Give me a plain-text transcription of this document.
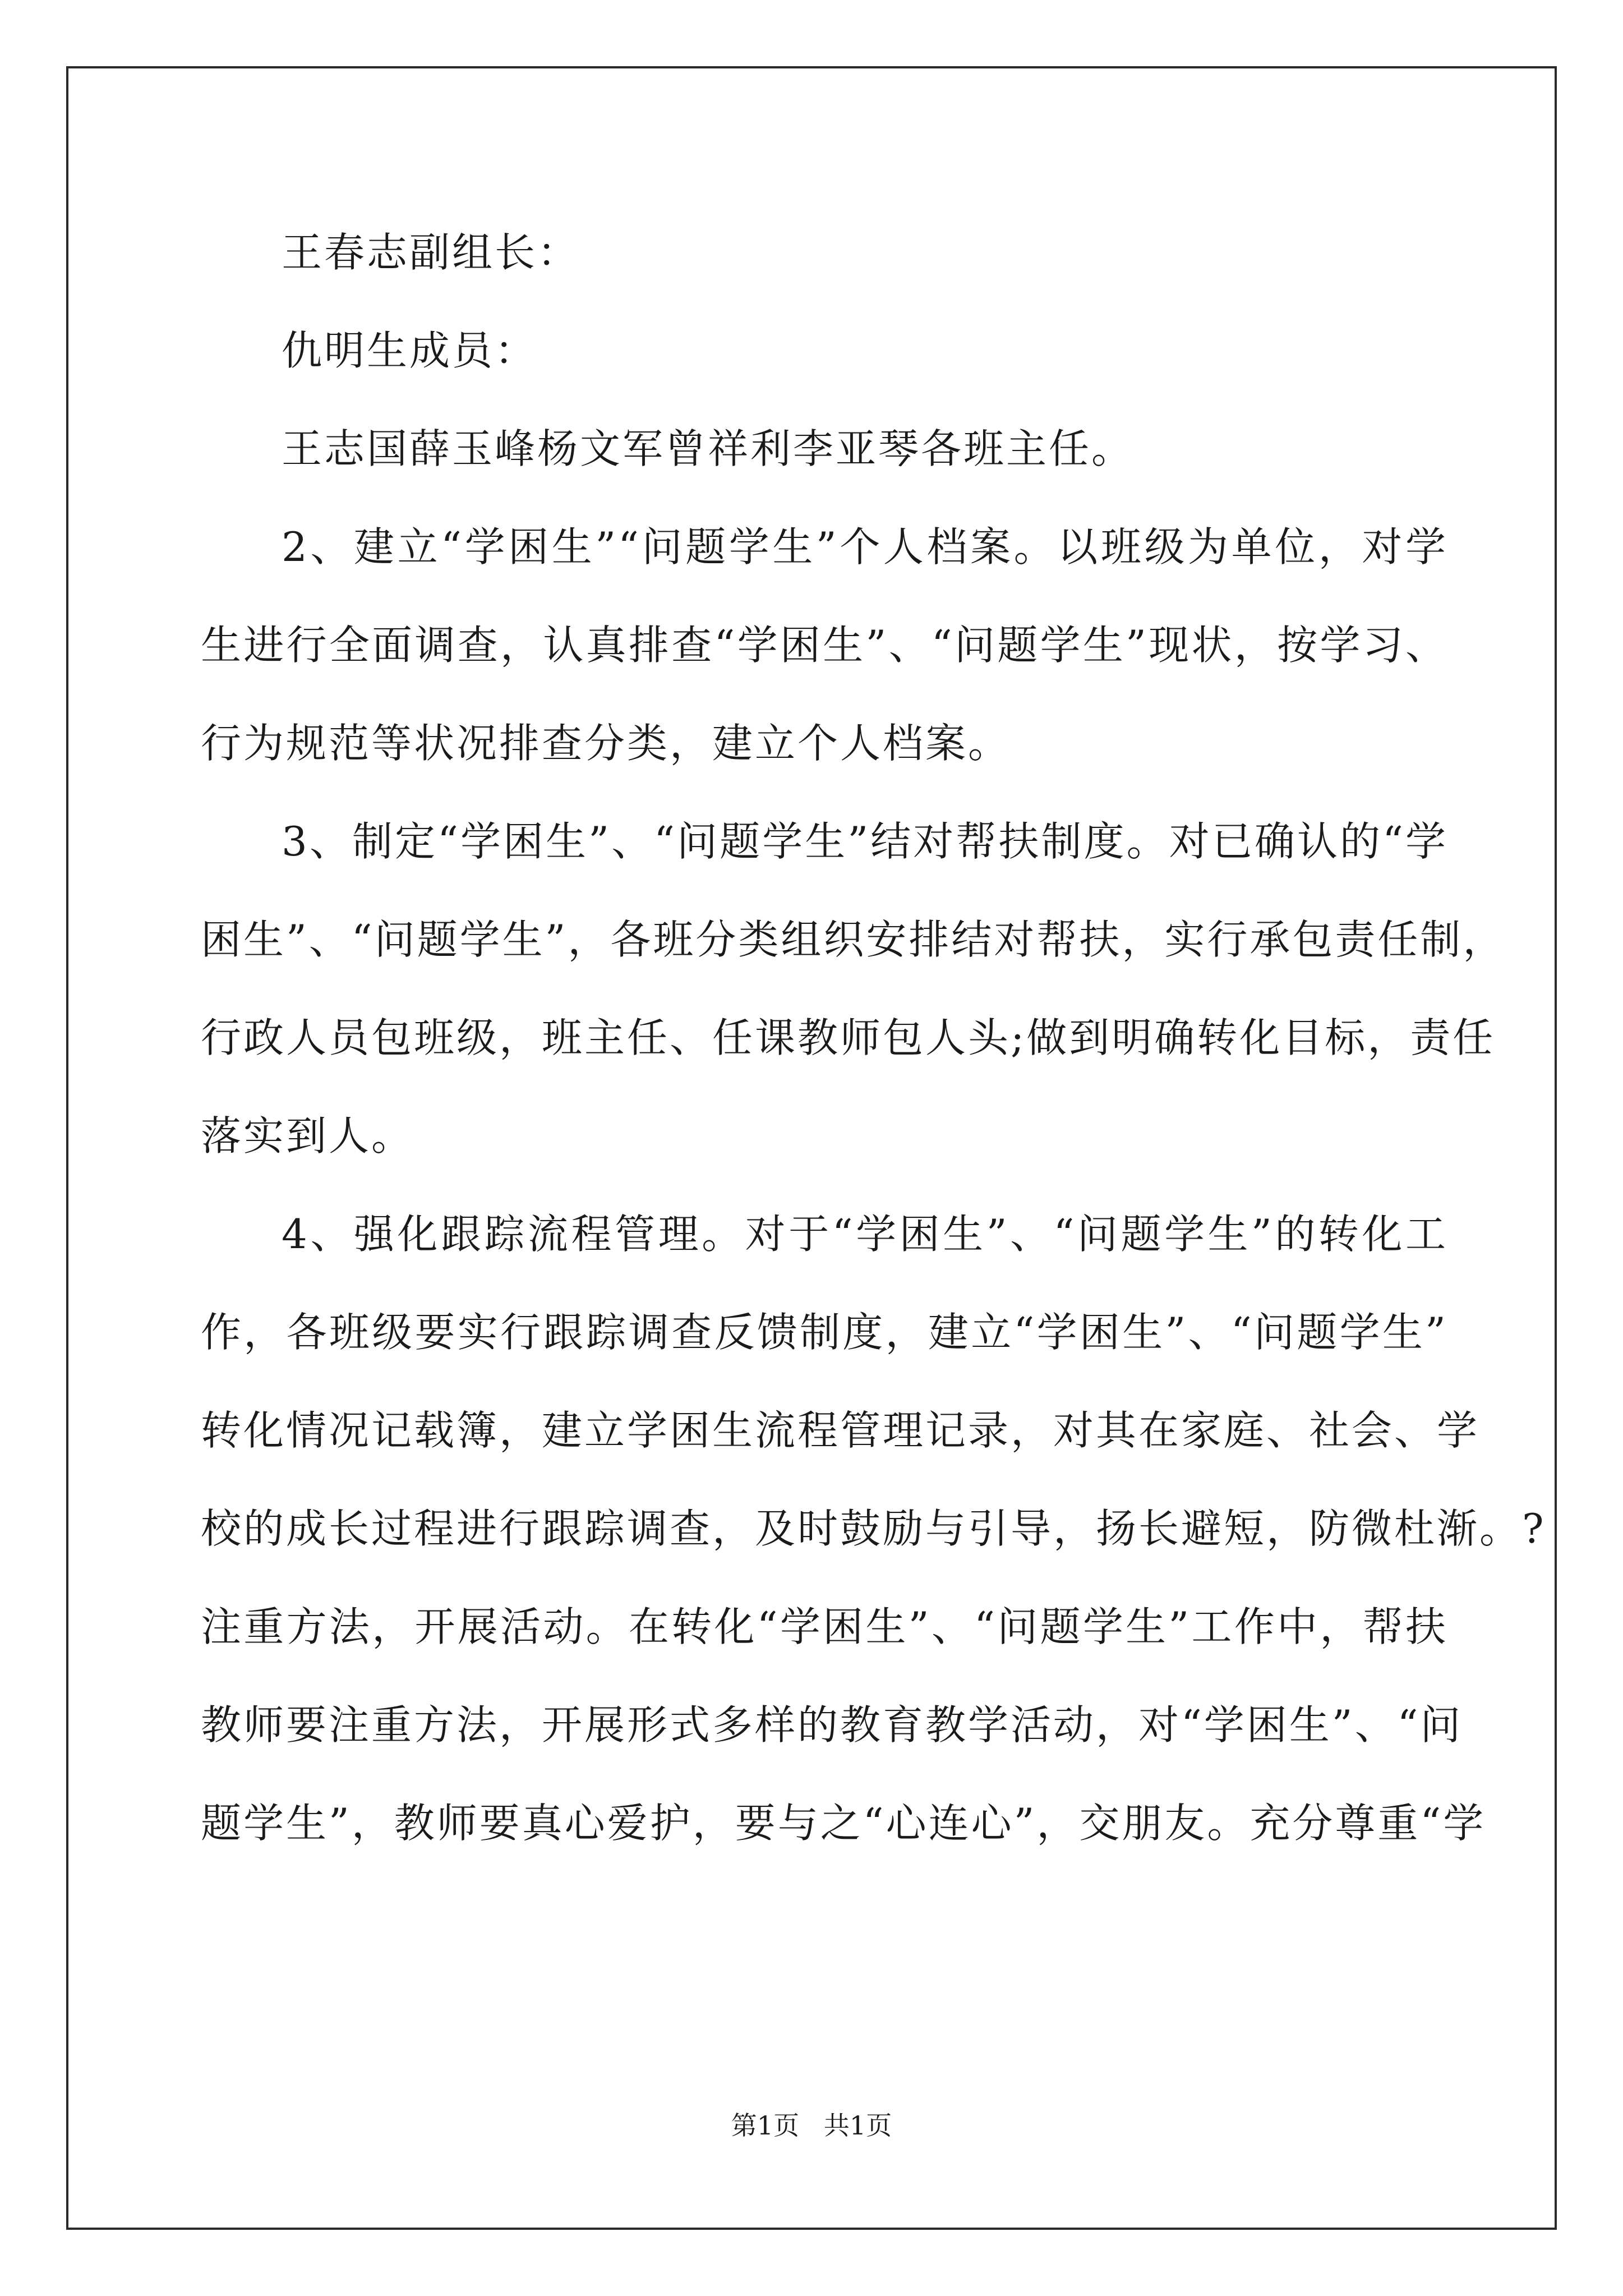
王春志副组长：
仇明生成员：
王志国薛玉峰杨文军曾祥利李亚琴各班主任。
2、建立“学困生”“问题学生”个人档案。以班级为单位，对学
生进行全面调查，认真排查“学困生”、“问题学生”现状，按学习、
行为规范等状况排查分类，建立个人档案。
3、制定“学困生”、“问题学生”结对帮扶制度。对已确认的“学
困生”、“问题学生”，各班分类组织安排结对帮扶，实行承包责任制，
行政人员包班级，班主任、任课教师包人头;做到明确转化目标，责任
落实到人。
4、强化跟踪流程管理。对于“学困生”、“问题学生”的转化工
作，各班级要实行跟踪调查反馈制度，建立“学困生”、“问题学生”
转化情况记载簿，建立学困生流程管理记录，对其在家庭、社会、学
校的成长过程进行跟踪调查，及时鼓励与引导，扬长避短，防微杜渐。?
注重方法，开展活动。在转化“学困生”、“问题学生”工作中，帮扶
教师要注重方法，开展形式多样的教育教学活动，对“学困生”、“问
题学生”，教师要真心爱护，要与之“心连心”，交朋友。充分尊重“学
第1页   共1页
